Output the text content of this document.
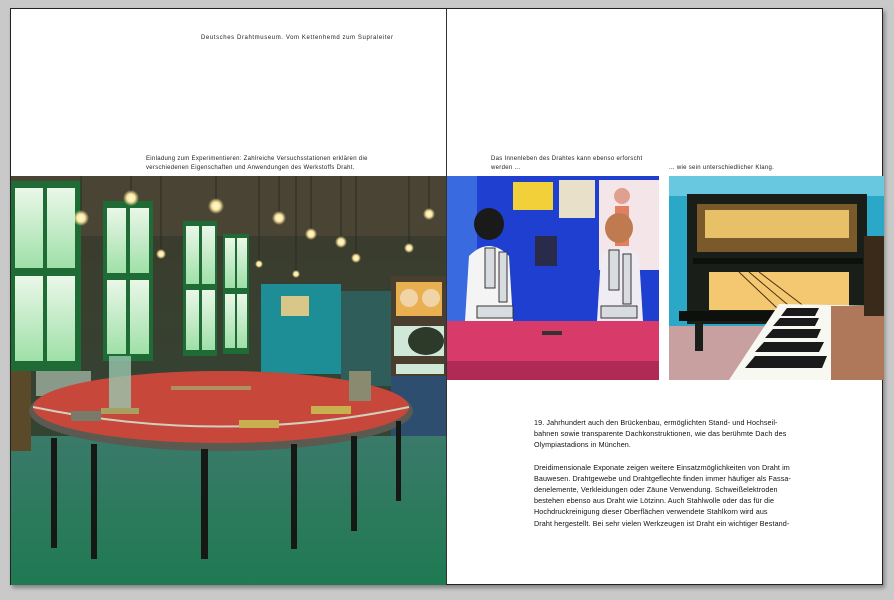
Deutsches Drahtmuseum. Vom Kettenhemd zum Supraleiter
Einladung zum Experimentieren: Zahlreiche Versuchsstationen erklären die
verschiedenen Eigenschaften und Anwendungen des Werkstoffs Draht.
Das Innenleben des Drahtes kann ebenso erforscht
werden ...	... wie sein unterschiedlicher Klang.

19. Jahrhundert auch den Brückenbau, ermöglichten Stand- und Hochseil-
bahnen sowie transparente Dachkonstruktionen, wie das berühmte Dach des
Olympiastadions in München.

Dreidimensionale Exponate zeigen weitere Einsatzmöglichkeiten von Draht im
Bauwesen. Drahtgewebe und Drahtgeflechte finden immer häufiger als Fassa-
denelemente, Verkleidungen oder Zäune Verwendung. Schweißelektroden
bestehen ebenso aus Draht wie Lötzinn. Auch Stahlwolle oder das für die
Hochdruckreinigung dieser Oberflächen verwendete Stahlkorn wird aus
Draht hergestellt. Bei sehr vielen Werkzeugen ist Draht ein wichtiger Bestand-
